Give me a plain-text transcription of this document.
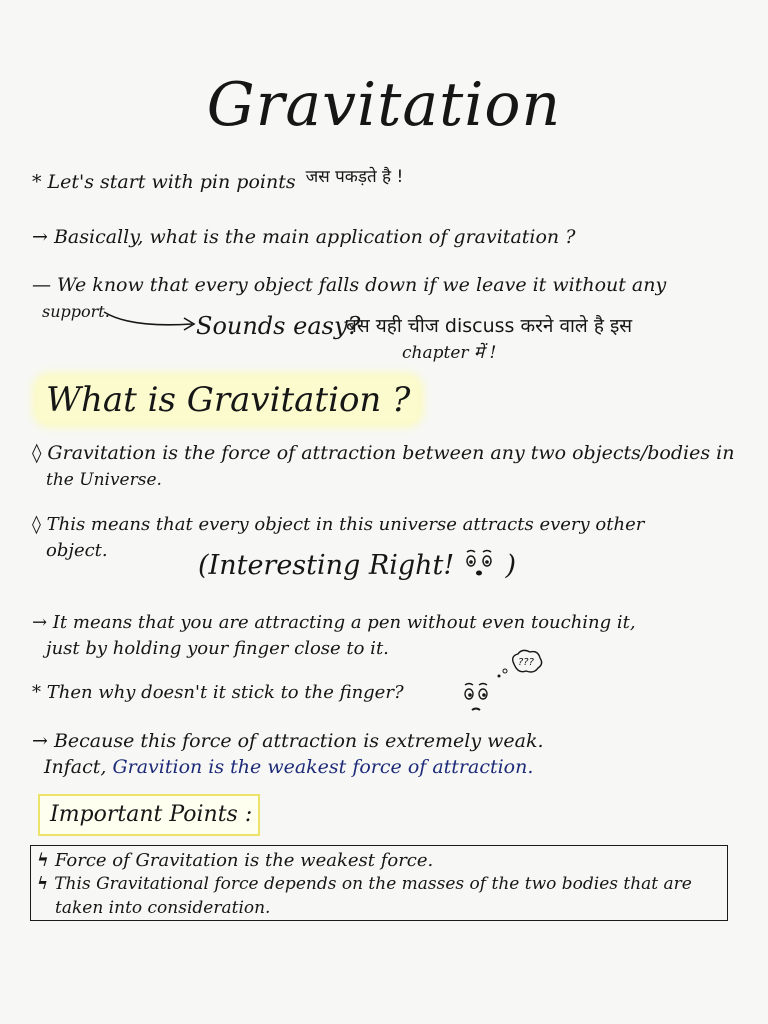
Gravitation
* Let's start with pin points जस पकड़ते है !
→ Basically, what is the main application of gravitation ?
— We know that every object falls down if we leave it without any
support.
Sounds easy?
बस यही चीज discuss करने वाले है इस
chapter में !
What is Gravitation ?
◊ Gravitation is the force of attraction between any two objects/bodies in
the Universe.
◊ This means that every object in this universe attracts every other
object.	(Interesting Right! )
→ It means that you are attracting a pen without even touching it,
just by holding your finger close to it.
???
* Then why doesn't it stick to the finger?
→ Because this force of attraction is extremely weak.
Infact, Gravition is the weakest force of attraction.
Important Points :
ϟ Force of Gravitation is the weakest force.
ϟ This Gravitational force depends on the masses of the two bodies that are
taken into consideration.
